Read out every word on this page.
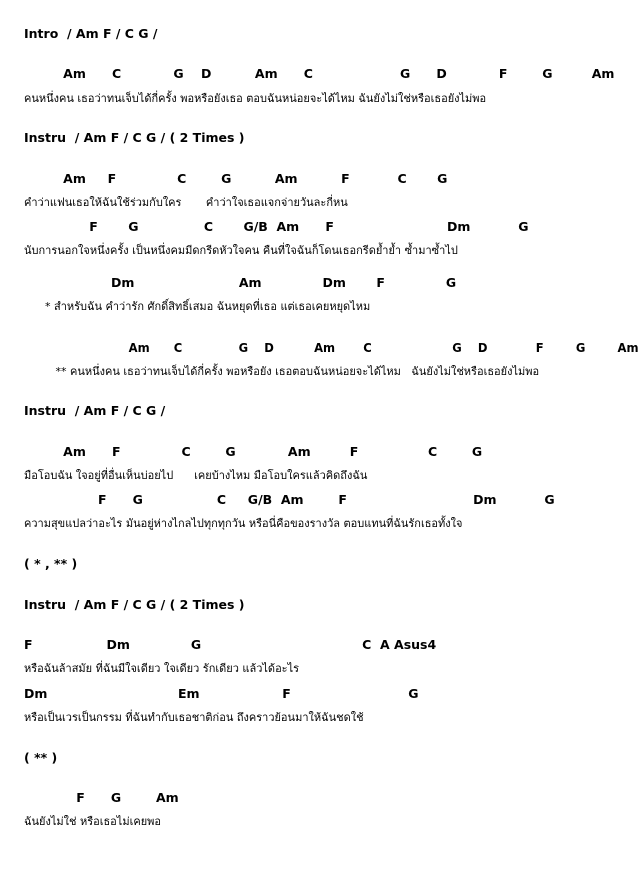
Intro  / Am F / C G /

Am      C            G    D          Am      C                    G      D            F        G         Am

คนหนึ่งคน เธอว่าทนเจ็บได้กี่ครั้ง พอหรือยังเธอ ตอบฉันหน่อยจะได้ไหม ฉันยังไม่ใช่หรือเธอยังไม่พอ

Instru  / Am F / C G / ( 2 Times )

Am     F              C        G          Am          F           C       G

คำว่าแฟนเธอให้ฉันใช้ร่วมกับใคร       คำว่าใจเธอแจกจ่ายวันละกี่หน

F       G               C       G/B  Am      F                          Dm           G

นับการนอกใจหนึ่งครั้ง เป็นหนึ่งคมมีดกรีดหัวใจคน คืนที่ใจฉันก็โดนเธอกรีดย้ำย้ำ ซ้ำมาซ้ำไป

Dm                        Am              Dm       F              G

* สำหรับฉัน คำว่ารัก ศักดิ์สิทธิ์เสมอ ฉันหยุดที่เธอ แต่เธอเคยหยุดไหม

Am      C              G    D          Am       C                    G    D            F        G        Am

** คนหนึ่งคน เธอว่าทนเจ็บได้กี่ครั้ง พอหรือยัง เธอตอบฉันหน่อยจะได้ไหม   ฉันยังไม่ใช่หรือเธอยังไม่พอ

Instru  / Am F / C G /

Am      F              C        G            Am         F                C        G

มือโอบฉัน ใจอยู่ที่อื่นเห็นบ่อยไป      เคยบ้างไหม มือโอบใครแล้วคิดถึงฉัน

F      G                 C     G/B  Am        F                             Dm           G

ความสุขแปลว่าอะไร มันอยู่ห่างไกลไปทุกทุกวัน หรือนี่คือของรางวัล ตอบแทนที่ฉันรักเธอทั้งใจ

( * , ** )

Instru  / Am F / C G / ( 2 Times )

F                 Dm              G                                     C  A Asus4

หรือฉันล้าสมัย ที่ฉันมีใจเดียว ใจเดียว รักเดียว แล้วได้อะไร

Dm                              Em                   F                           G

หรือเป็นเวรเป็นกรรม ที่ฉันทำกับเธอชาติก่อน ถึงคราวย้อนมาให้ฉันชดใช้

( ** )

F      G        Am

ฉันยังไม่ใช่ หรือเธอไม่เคยพอ
